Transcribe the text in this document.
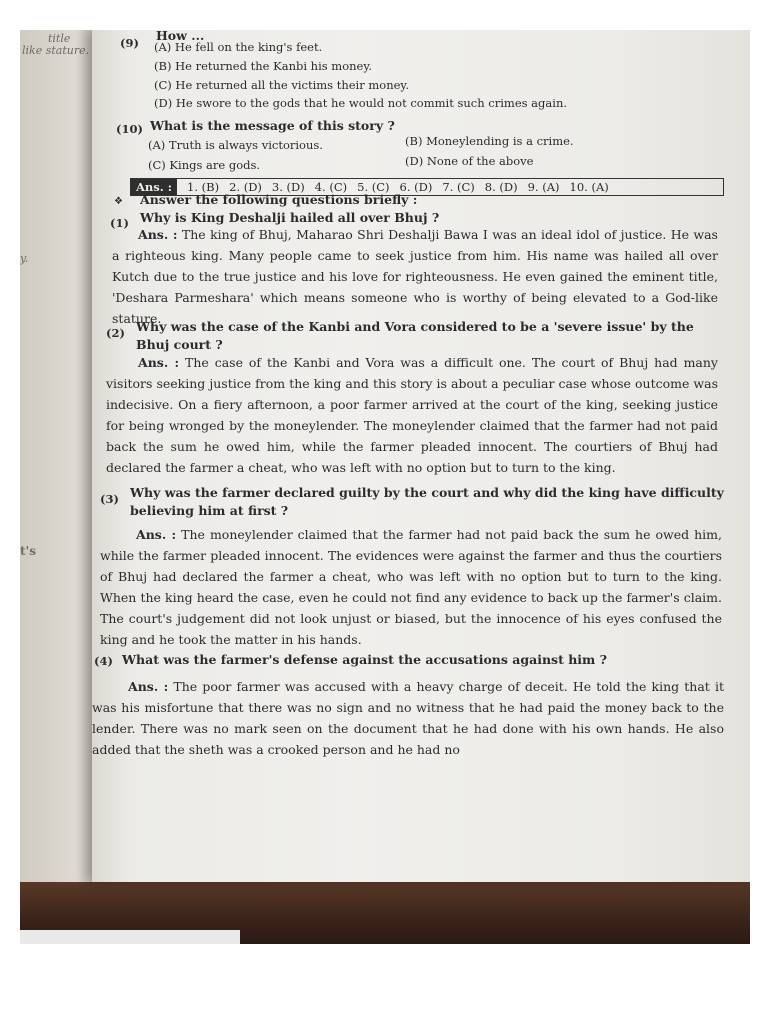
title
like stature.
y.
t's
(9) How ...
(A) He fell on the king's feet.
(B) He returned the Kanbi his money.
(C) He returned all the victims their money.
(D) He swore to the gods that he would not commit such crimes again.
(10) What is the message of this story ?
(A) Truth is always victorious.	(B) Moneylending is a crime.
(C) Kings are gods.	(D) None of the above
Ans. :	1. (B) 2. (D) 3. (D) 4. (C) 5. (C) 6. (D) 7. (C) 8. (D) 9. (A) 10. (A)
❖ Answer the following questions briefly :
(1) Why is King Deshalji hailed all over Bhuj ?
Ans. : The king of Bhuj, Maharao Shri Deshalji Bawa I was an ideal idol of justice. He was a righteous king. Many people came to seek justice from him. His name was hailed all over Kutch due to the true justice and his love for righteousness. He even gained the eminent title, 'Deshara Parmeshara' which means someone who is worthy of being elevated to a God-like stature.
(2) Why was the case of the Kanbi and Vora considered to be a 'severe issue' by the Bhuj court ?
Ans. : The case of the Kanbi and Vora was a difficult one. The court of Bhuj had many visitors seeking justice from the king and this story is about a peculiar case whose outcome was indecisive. On a fiery afternoon, a poor farmer arrived at the court of the king, seeking justice for being wronged by the moneylender. The moneylender claimed that the farmer had not paid back the sum he owed him, while the farmer pleaded innocent. The courtiers of Bhuj had declared the farmer a cheat, who was left with no option but to turn to the king.
(3) Why was the farmer declared guilty by the court and why did the king have difficulty believing him at first ?
Ans. : The moneylender claimed that the farmer had not paid back the sum he owed him, while the farmer pleaded innocent. The evidences were against the farmer and thus the courtiers of Bhuj had declared the farmer a cheat, who was left with no option but to turn to the king. When the king heard the case, even he could not find any evidence to back up the farmer's claim. The court's judgement did not look unjust or biased, but the innocence of his eyes confused the king and he took the matter in his hands.
(4) What was the farmer's defense against the accusations against him ?
Ans. : The poor farmer was accused with a heavy charge of deceit. He told the king that it was his misfortune that there was no sign and no witness that he had paid the money back to the lender. There was no mark seen on the document that he had done with his own hands. He also added that the sheth was a crooked person and he had no
